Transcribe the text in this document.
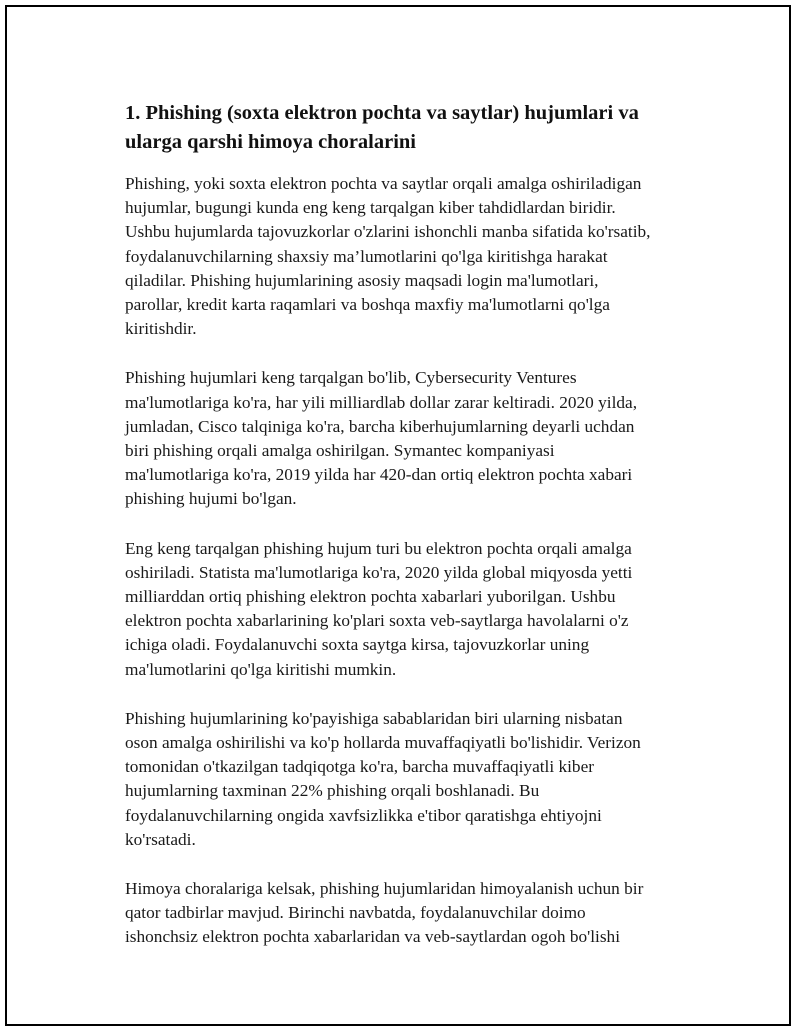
1. Phishing (soxta elektron pochta va saytlar) hujumlari va
ularga qarshi himoya choralarini

Phishing, yoki soxta elektron pochta va saytlar orqali amalga oshiriladigan
hujumlar, bugungi kunda eng keng tarqalgan kiber tahdidlardan biridir.
Ushbu hujumlarda tajovuzkorlar o'zlarini ishonchli manba sifatida ko'rsatib,
foydalanuvchilarning shaxsiy ma’lumotlarini qo'lga kiritishga harakat
qiladilar. Phishing hujumlarining asosiy maqsadi login ma'lumotlari,
parollar, kredit karta raqamlari va boshqa maxfiy ma'lumotlarni qo'lga
kiritishdir.

Phishing hujumlari keng tarqalgan bo'lib, Cybersecurity Ventures
ma'lumotlariga ko'ra, har yili milliardlab dollar zarar keltiradi. 2020 yilda,
jumladan, Cisco talqiniga ko'ra, barcha kiberhujumlarning deyarli uchdan
biri phishing orqali amalga oshirilgan. Symantec kompaniyasi
ma'lumotlariga ko'ra, 2019 yilda har 420-dan ortiq elektron pochta xabari
phishing hujumi bo'lgan.

Eng keng tarqalgan phishing hujum turi bu elektron pochta orqali amalga
oshiriladi. Statista ma'lumotlariga ko'ra, 2020 yilda global miqyosda yetti
milliarddan ortiq phishing elektron pochta xabarlari yuborilgan. Ushbu
elektron pochta xabarlarining ko'plari soxta veb-saytlarga havolalarni o'z
ichiga oladi. Foydalanuvchi soxta saytga kirsa, tajovuzkorlar uning
ma'lumotlarini qo'lga kiritishi mumkin.

Phishing hujumlarining ko'payishiga sabablaridan biri ularning nisbatan
oson amalga oshirilishi va ko'p hollarda muvaffaqiyatli bo'lishidir. Verizon
tomonidan o'tkazilgan tadqiqotga ko'ra, barcha muvaffaqiyatli kiber
hujumlarning taxminan 22% phishing orqali boshlanadi. Bu
foydalanuvchilarning ongida xavfsizlikka e'tibor qaratishga ehtiyojni
ko'rsatadi.

Himoya choralariga kelsak, phishing hujumlaridan himoyalanish uchun bir
qator tadbirlar mavjud. Birinchi navbatda, foydalanuvchilar doimo
ishonchsiz elektron pochta xabarlaridan va veb-saytlardan ogoh bo'lishi
